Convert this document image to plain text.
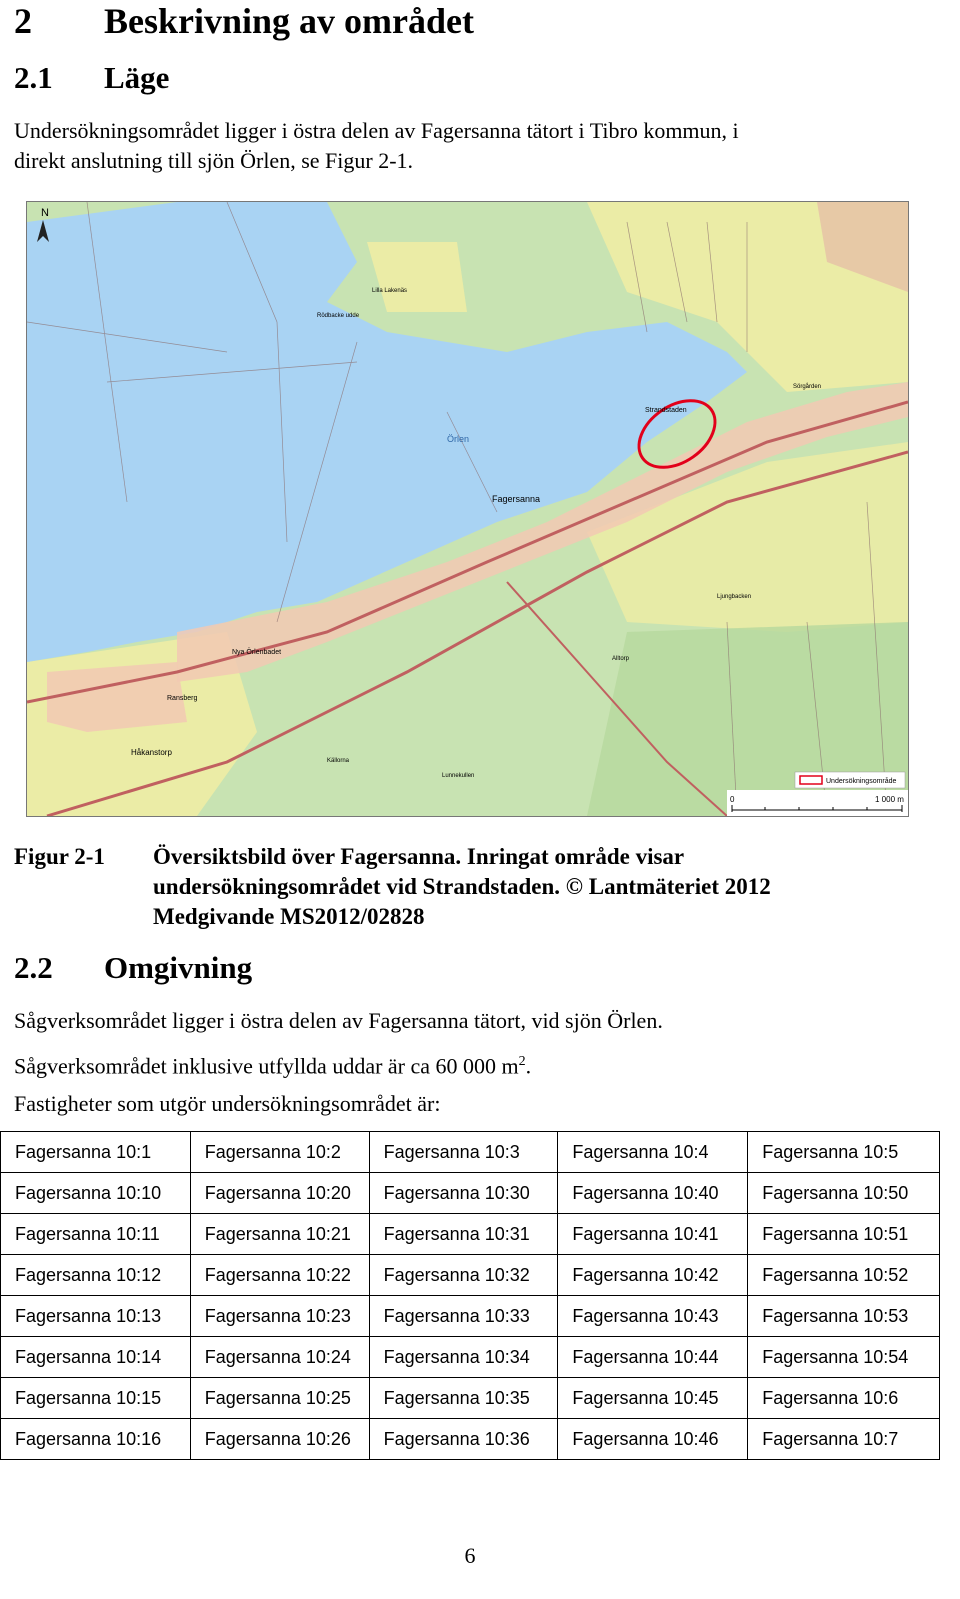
2 Beskrivning av området
2.1 Läge
Undersökningsområdet ligger i östra delen av Fagersanna tätort i Tibro kommun, i
direkt anslutning till sjön Örlen, se Figur 2-1.
N
Örlen
Fagersanna
Strandstaden
Nya Örlenbadet
Ransberg
Håkanstorp
Sörgården
Lilla Lakenäs
Rödbacke udde
Lunnekullen
Källorna
Ljungbacken
Alltorp
Undersökningsområde
0	1 000 m
Figur 2-1 Översiktsbild över Fagersanna. Inringat område visar
undersökningsområdet vid Strandstaden. © Lantmäteriet 2012
Medgivande MS2012/02828
2.2 Omgivning
Sågverksområdet ligger i östra delen av Fagersanna tätort, vid sjön Örlen.
Sågverksområdet inklusive utfyllda uddar är ca 60 000 $m^2$.
Fastigheter som utgör undersökningsområdet är:
Fagersanna 10:1	Fagersanna 10:2	Fagersanna 10:3	Fagersanna 10:4	Fagersanna 10:5
Fagersanna 10:10	Fagersanna 10:20	Fagersanna 10:30	Fagersanna 10:40	Fagersanna 10:50
Fagersanna 10:11	Fagersanna 10:21	Fagersanna 10:31	Fagersanna 10:41	Fagersanna 10:51
Fagersanna 10:12	Fagersanna 10:22	Fagersanna 10:32	Fagersanna 10:42	Fagersanna 10:52
Fagersanna 10:13	Fagersanna 10:23	Fagersanna 10:33	Fagersanna 10:43	Fagersanna 10:53
Fagersanna 10:14	Fagersanna 10:24	Fagersanna 10:34	Fagersanna 10:44	Fagersanna 10:54
Fagersanna 10:15	Fagersanna 10:25	Fagersanna 10:35	Fagersanna 10:45	Fagersanna 10:6
Fagersanna 10:16	Fagersanna 10:26	Fagersanna 10:36	Fagersanna 10:46	Fagersanna 10:7
6
